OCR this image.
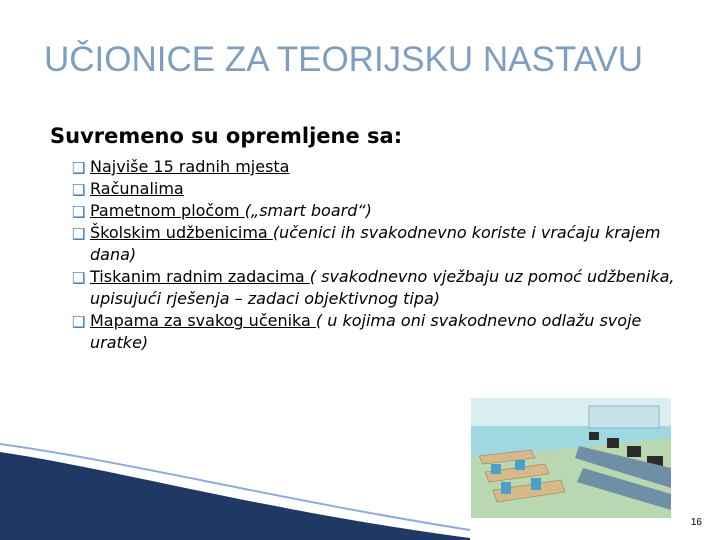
UČIONICE ZA TEORIJSKU NASTAVU
Suvremeno su opremljene sa:
❑ Najviše 15 radnih mjesta
❑ Računalima
❑ Pametnom pločom („smart board“)
❑ Školskim udžbenicima (učenici ih svakodnevno koriste i vraćaju krajem dana)
❑ Tiskanim radnim zadacima ( svakodnevno vježbaju uz pomoć udžbenika, upisujući rješenja – zadaci objektivnog tipa)
❑ Mapama za svakog učenika ( u kojima oni svakodnevno odlažu svoje uratke)
16
